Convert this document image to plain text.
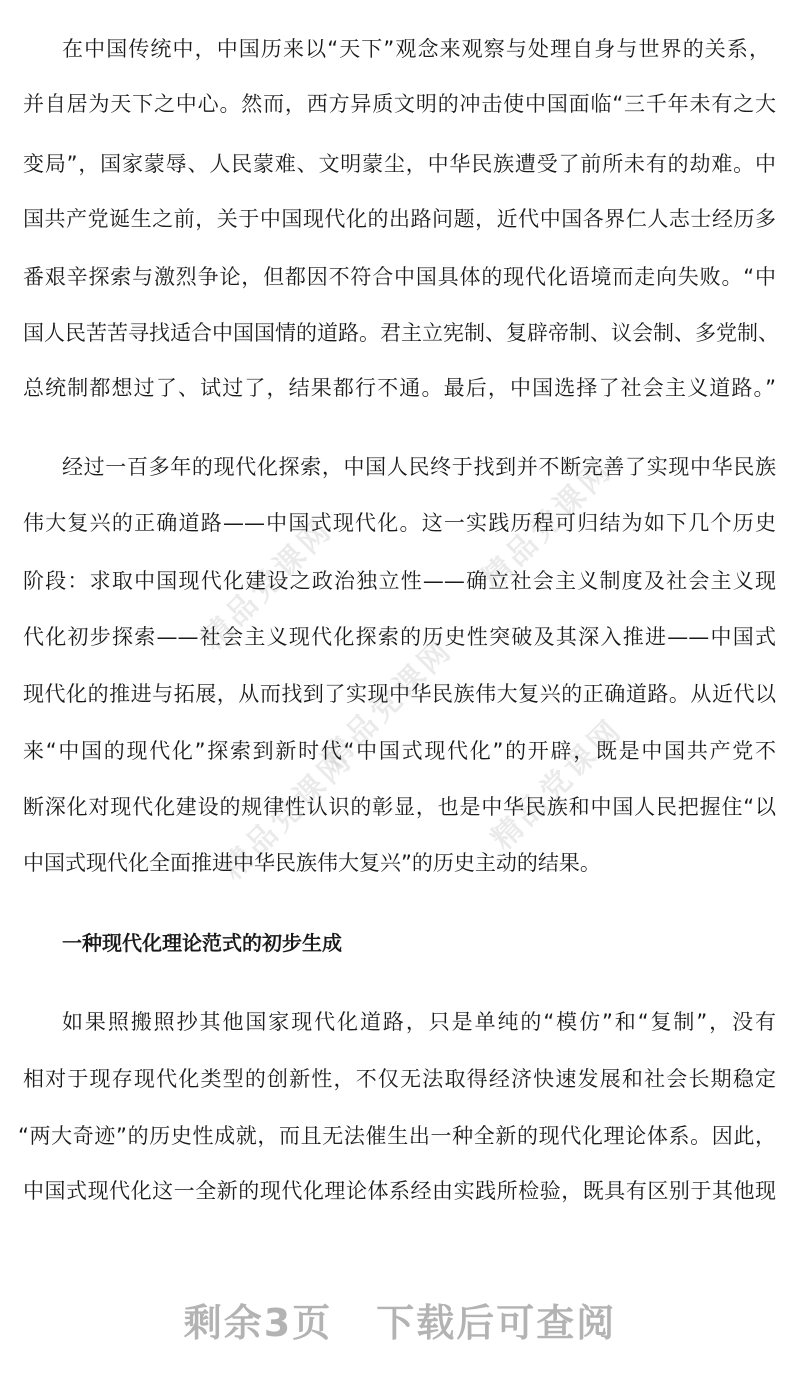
精品党课网	精品党课网
精品党课网
精品党课网	精品党课网
在中国传统中，中国历来以“天下”观念来观察与处理自身与世界的关系，
并自居为天下之中心。然而，西方异质文明的冲击使中国面临“三千年未有之大
变局”，国家蒙辱、人民蒙难、文明蒙尘，中华民族遭受了前所未有的劫难。中
国共产党诞生之前，关于中国现代化的出路问题，近代中国各界仁人志士经历多
番艰辛探索与激烈争论，但都因不符合中国具体的现代化语境而走向失败。“中
国人民苦苦寻找适合中国国情的道路。君主立宪制、复辟帝制、议会制、多党制、
总统制都想过了、试过了，结果都行不通。最后，中国选择了社会主义道路。”
经过一百多年的现代化探索，中国人民终于找到并不断完善了实现中华民族
伟大复兴的正确道路——中国式现代化。这一实践历程可归结为如下几个历史
阶段：求取中国现代化建设之政治独立性——确立社会主义制度及社会主义现
代化初步探索——社会主义现代化探索的历史性突破及其深入推进——中国式
现代化的推进与拓展，从而找到了实现中华民族伟大复兴的正确道路。从近代以
来“中国的现代化”探索到新时代“中国式现代化”的开辟，既是中国共产党不
断深化对现代化建设的规律性认识的彰显，也是中华民族和中国人民把握住“以
中国式现代化全面推进中华民族伟大复兴”的历史主动的结果。
一种现代化理论范式的初步生成
如果照搬照抄其他国家现代化道路，只是单纯的“模仿”和“复制”，没有
相对于现存现代化类型的创新性，不仅无法取得经济快速发展和社会长期稳定
“两大奇迹”的历史性成就，而且无法催生出一种全新的现代化理论体系。因此，
中国式现代化这一全新的现代化理论体系经由实践所检验，既具有区别于其他现
剩余3页 下载后可查阅
